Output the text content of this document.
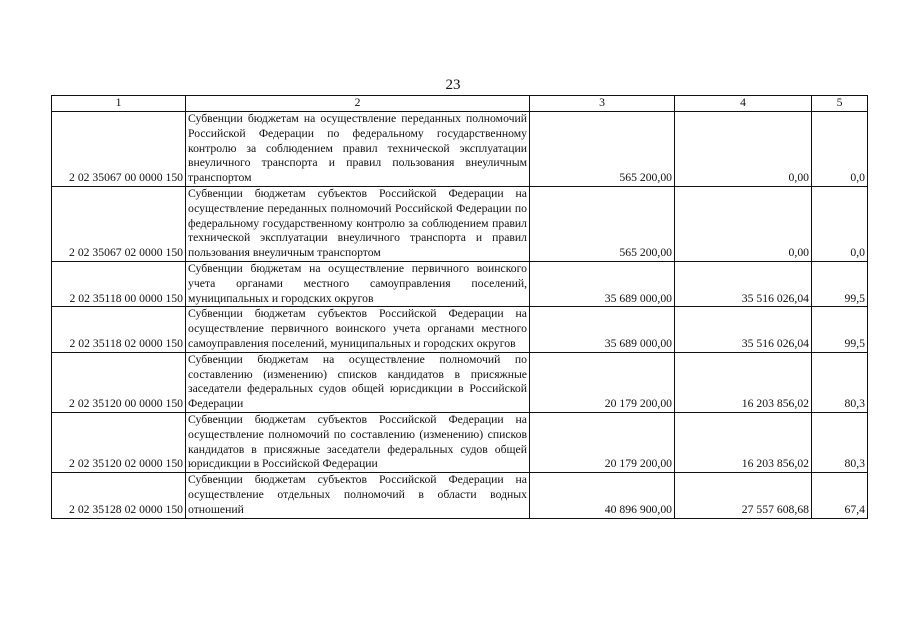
23
1	2	3	4	5
2 02 35067 00 0000 150	Субвенции бюджетам на осуществление переданных полномочий Российской Федерации по федеральному государственному контролю за соблюдением правил технической эксплуатации внеуличного транспорта и правил пользования внеуличным транспортом	565 200,00	0,00	0,0
2 02 35067 02 0000 150	Субвенции бюджетам субъектов Российской Федерации на осуществление переданных полномочий Российской Федерации по федеральному государственному контролю за соблюдением правил технической эксплуатации внеуличного транспорта и правил пользования внеуличным транспортом	565 200,00	0,00	0,0
2 02 35118 00 0000 150	Субвенции бюджетам на осуществление первичного воинского учета органами местного самоуправления поселений, муниципальных и городских округов	35 689 000,00	35 516 026,04	99,5
2 02 35118 02 0000 150	Субвенции бюджетам субъектов Российской Федерации на осуществление первичного воинского учета органами местного самоуправления поселений, муниципальных и городских округов	35 689 000,00	35 516 026,04	99,5
2 02 35120 00 0000 150	Субвенции бюджетам на осуществление полномочий по составлению (изменению) списков кандидатов в присяжные заседатели федеральных судов общей юрисдикции в Российской Федерации	20 179 200,00	16 203 856,02	80,3
2 02 35120 02 0000 150	Субвенции бюджетам субъектов Российской Федерации на осуществление полномочий по составлению (изменению) списков кандидатов в присяжные заседатели федеральных судов общей юрисдикции в Российской Федерации	20 179 200,00	16 203 856,02	80,3
2 02 35128 02 0000 150	Субвенции бюджетам субъектов Российской Федерации на осуществление отдельных полномочий в области водных отношений	40 896 900,00	27 557 608,68	67,4
